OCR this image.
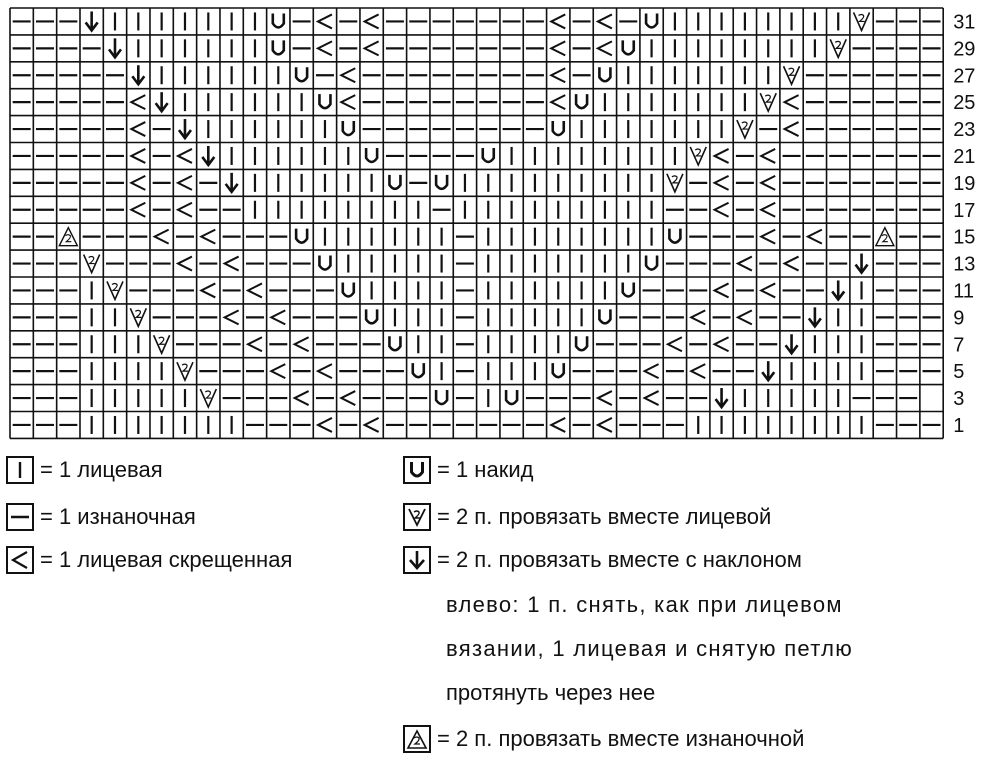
31
29
27
25
23
21
19
17
15
13
11
9
7
5
3
1
= 1 лицевая
= 1 изнаночная
= 1 лицевая скрещенная
= 1 накид
= 2 п. провязать вместе лицевой
= 2 п. провязать вместе с наклоном
влево: 1 п. снять, как при лицевом
вязании, 1 лицевая и снятую петлю
протянуть через нее
= 2 п. провязать вместе изнаночной
